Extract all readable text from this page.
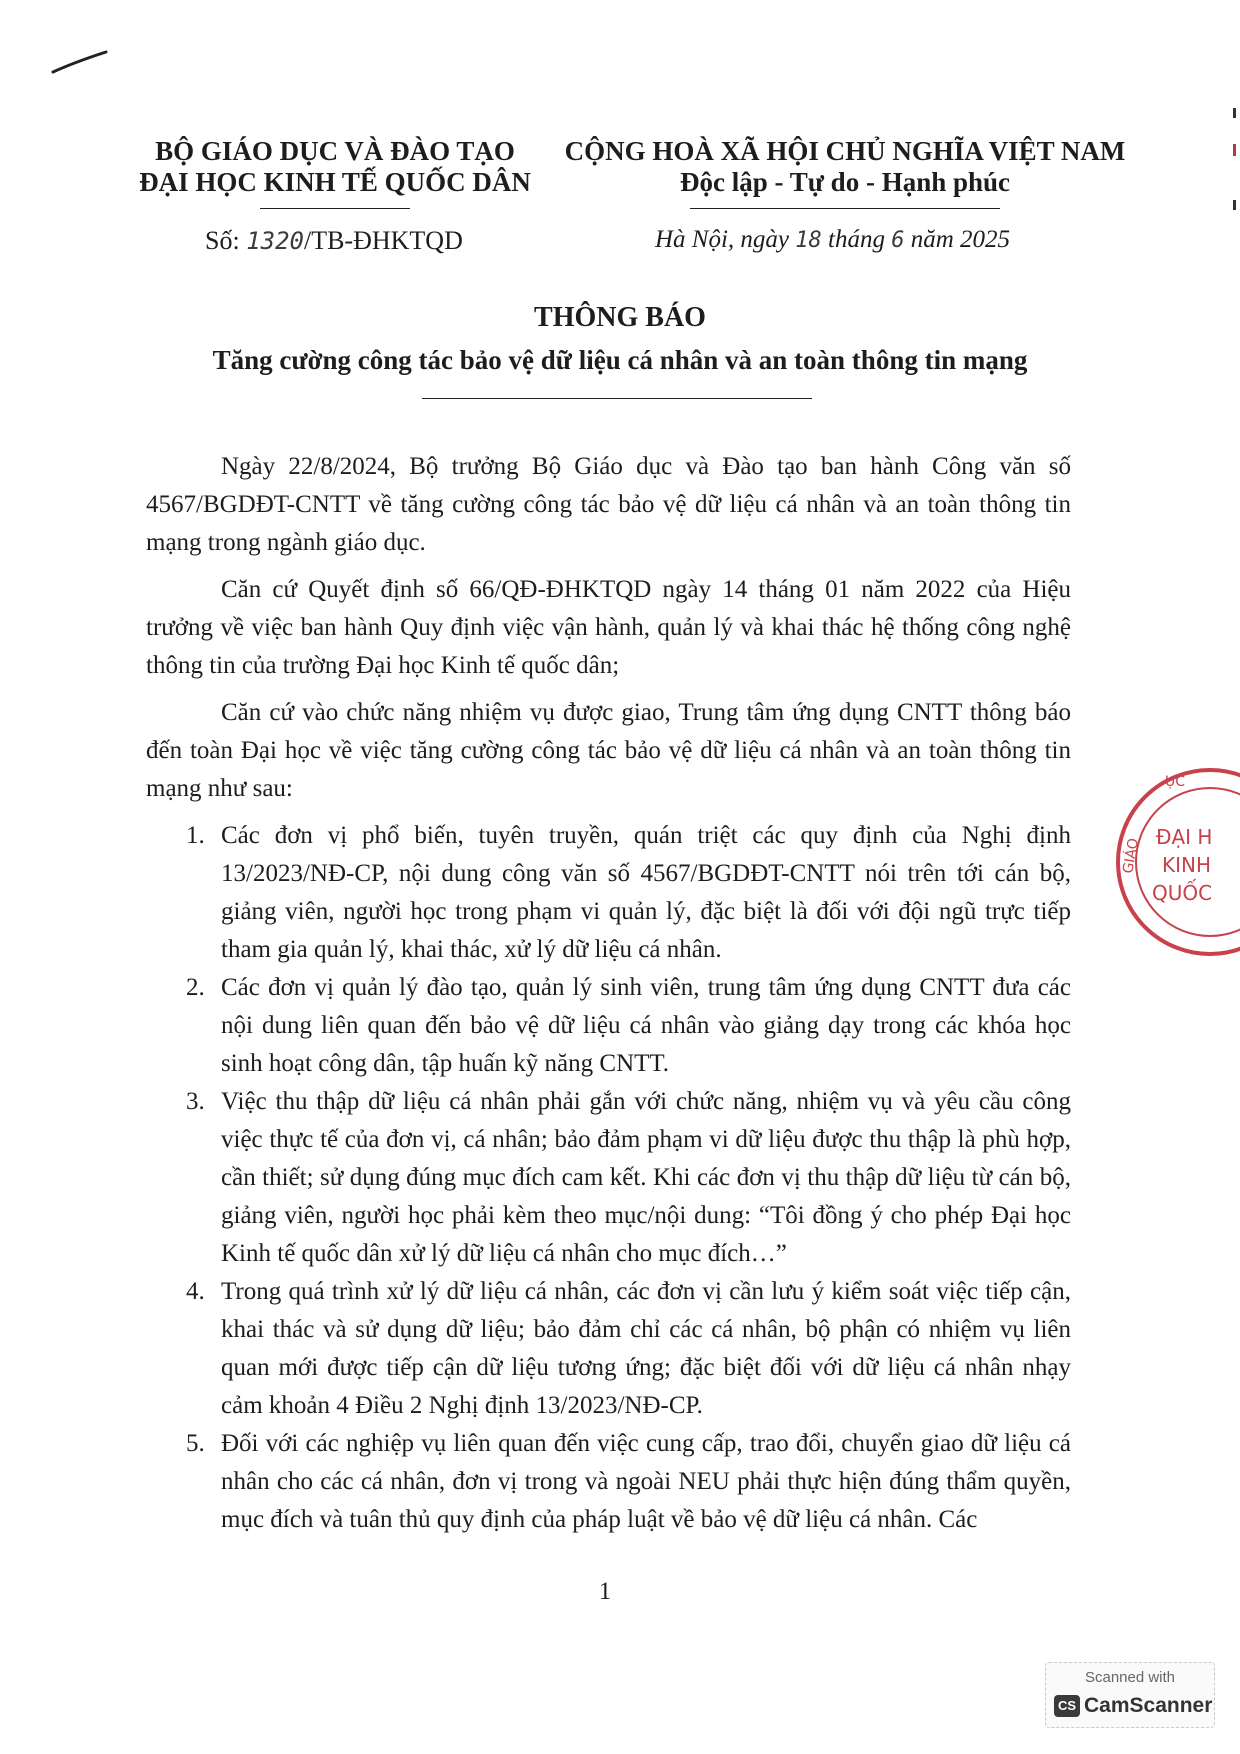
BỘ GIÁO DỤC VÀ ĐÀO TẠO
ĐẠI HỌC KINH TẾ QUỐC DÂN
CỘNG HOÀ XÃ HỘI CHỦ NGHĨA VIỆT NAM
Độc lập - Tự do - Hạnh phúc
Số: 1320/TB-ĐHKTQD	Hà Nội, ngày 18 tháng 6 năm 2025
THÔNG BÁO
Tăng cường công tác bảo vệ dữ liệu cá nhân và an toàn thông tin mạng

Ngày 22/8/2024, Bộ trưởng Bộ Giáo dục và Đào tạo ban hành Công văn số 4567/BGDĐT-CNTT về tăng cường công tác bảo vệ dữ liệu cá nhân và an toàn thông tin mạng trong ngành giáo dục.

Căn cứ Quyết định số 66/QĐ-ĐHKTQD ngày 14 tháng 01 năm 2022 của Hiệu trưởng về việc ban hành Quy định việc vận hành, quản lý và khai thác hệ thống công nghệ thông tin của trường Đại học Kinh tế quốc dân;

Căn cứ vào chức năng nhiệm vụ được giao, Trung tâm ứng dụng CNTT thông báo đến toàn Đại học về việc tăng cường công tác bảo vệ dữ liệu cá nhân và an toàn thông tin mạng như sau:

1. Các đơn vị phổ biến, tuyên truyền, quán triệt các quy định của Nghị định 13/2023/NĐ-CP, nội dung công văn số 4567/BGDĐT-CNTT nói trên tới cán bộ, giảng viên, người học trong phạm vi quản lý, đặc biệt là đối với đội ngũ trực tiếp tham gia quản lý, khai thác, xử lý dữ liệu cá nhân.
2. Các đơn vị quản lý đào tạo, quản lý sinh viên, trung tâm ứng dụng CNTT đưa các nội dung liên quan đến bảo vệ dữ liệu cá nhân vào giảng dạy trong các khóa học sinh hoạt công dân, tập huấn kỹ năng CNTT.
3. Việc thu thập dữ liệu cá nhân phải gắn với chức năng, nhiệm vụ và yêu cầu công việc thực tế của đơn vị, cá nhân; bảo đảm phạm vi dữ liệu được thu thập là phù hợp, cần thiết; sử dụng đúng mục đích cam kết. Khi các đơn vị thu thập dữ liệu từ cán bộ, giảng viên, người học phải kèm theo mục/nội dung: “Tôi đồng ý cho phép Đại học Kinh tế quốc dân xử lý dữ liệu cá nhân cho mục đích…”
4. Trong quá trình xử lý dữ liệu cá nhân, các đơn vị cần lưu ý kiểm soát việc tiếp cận, khai thác và sử dụng dữ liệu; bảo đảm chỉ các cá nhân, bộ phận có nhiệm vụ liên quan mới được tiếp cận dữ liệu tương ứng; đặc biệt đối với dữ liệu cá nhân nhạy cảm khoản 4 Điều 2 Nghị định 13/2023/NĐ-CP.
5. Đối với các nghiệp vụ liên quan đến việc cung cấp, trao đổi, chuyển giao dữ liệu cá nhân cho các cá nhân, đơn vị trong và ngoài NEU phải thực hiện đúng thẩm quyền, mục đích và tuân thủ quy định của pháp luật về bảo vệ dữ liệu cá nhân. Các
1
ỤC
GIÁO
ĐẠI H
KINH
QUỐC
Scanned with
CS CamScanner
